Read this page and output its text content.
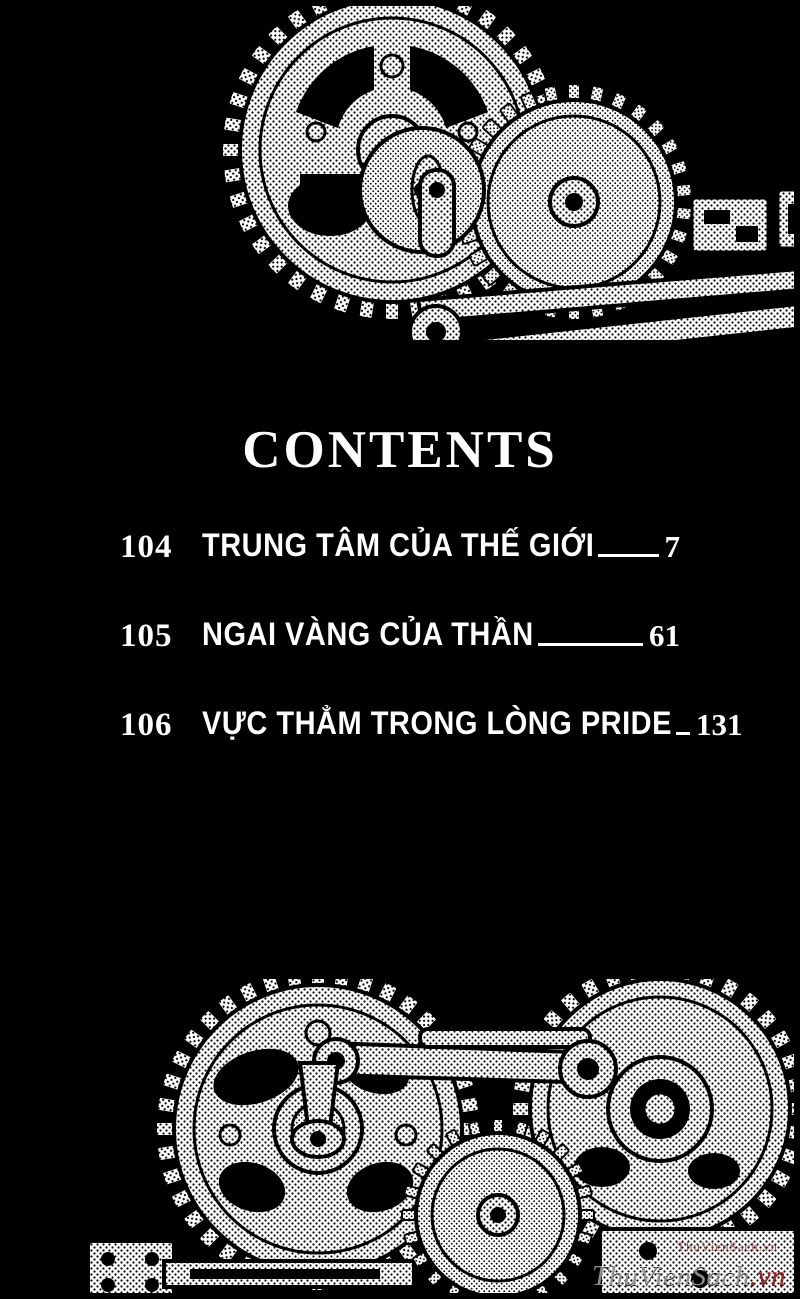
CONTENTS
104	TRUNG TÂM CỦA THẾ GIỚI 7
105	NGAI VÀNG CỦA THẦN	61
106	VỰC THẲM TRONG LÒNG PRIDE 131
ThuVienSach.vn
ThuVienSach.vn
